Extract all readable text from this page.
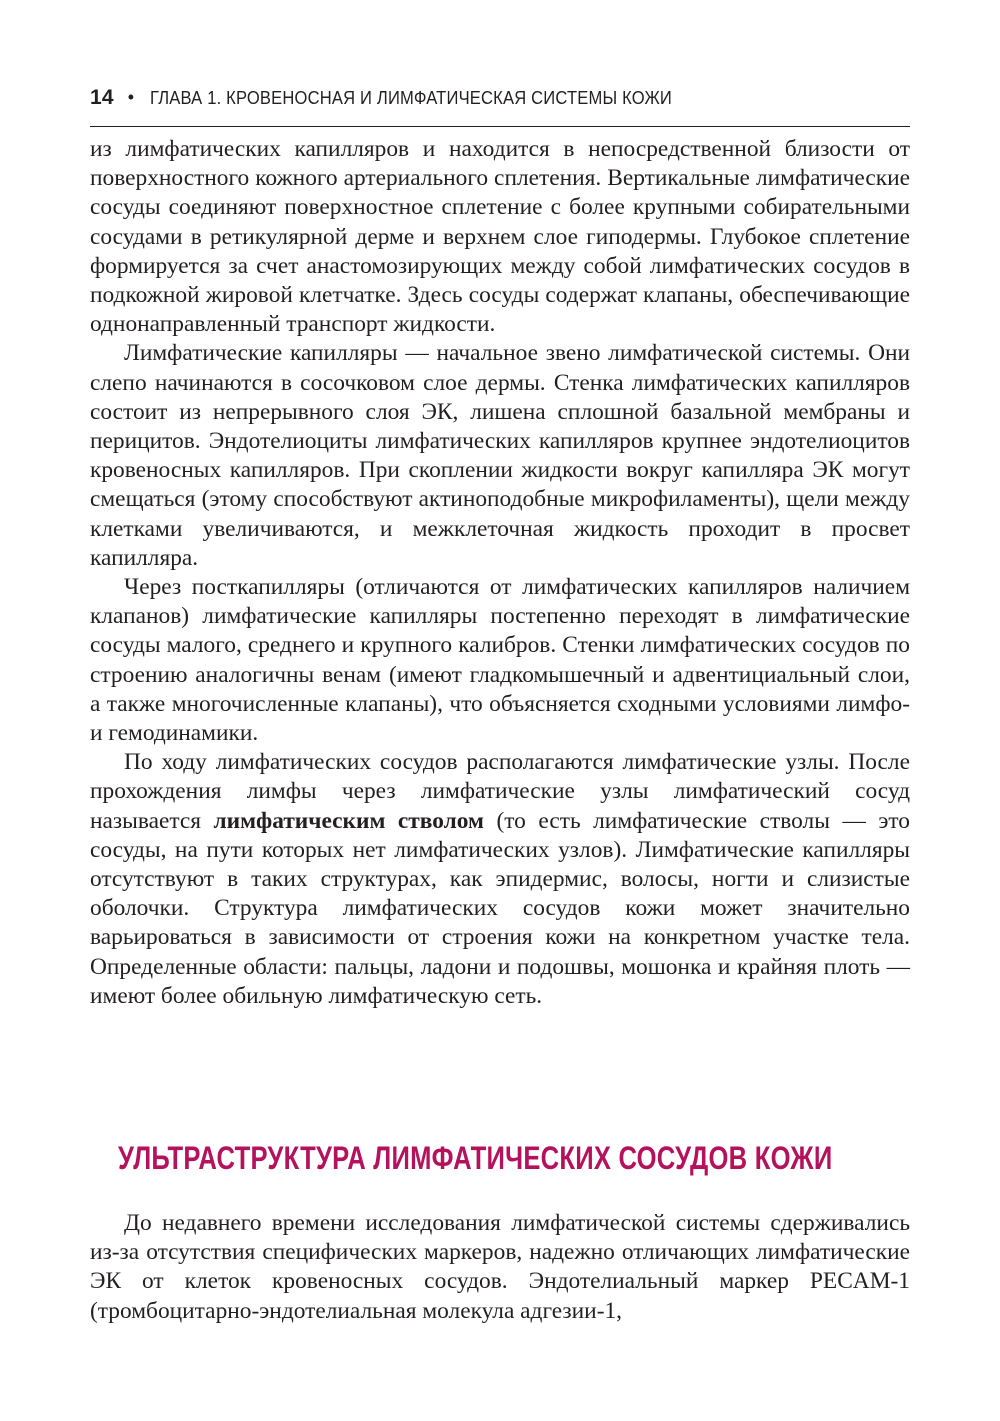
14 • ГЛАВА 1. КРОВЕНОСНАЯ И ЛИМФАТИЧЕСКАЯ СИСТЕМЫ КОЖИ

из лимфатических капилляров и находится в непосредственной близости от поверхностного кожного артериального сплетения. Вертикальные лимфатические сосуды соединяют поверхностное сплетение с более крупными собирательными сосудами в ретикулярной дерме и верхнем слое гиподермы. Глубокое сплетение формируется за счет анастомозирующих между собой лимфатических сосудов в подкожной жировой клетчатке. Здесь сосуды содержат клапаны, обеспечивающие однонаправленный транспорт жидкости.

Лимфатические капилляры — начальное звено лимфатической системы. Они слепо начинаются в сосочковом слое дермы. Стенка лимфатических капилляров состоит из непрерывного слоя ЭК, лишена сплошной базальной мембраны и перицитов. Эндотелиоциты лимфатических капилляров крупнее эндотелиоцитов кровеносных капилляров. При скоплении жидкости вокруг капилляра ЭК могут смещаться (этому способствуют актиноподобные микрофиламенты), щели между клетками увеличиваются, и межклеточная жидкость проходит в просвет капилляра.

Через посткапилляры (отличаются от лимфатических капилляров наличием клапанов) лимфатические капилляры постепенно переходят в лимфатические сосуды малого, среднего и крупного калибров. Стенки лимфатических сосудов по строению аналогичны венам (имеют гладкомышечный и адвентициальный слои, а также многочисленные клапаны), что объясняется сходными условиями лимфо- и гемодинамики.

По ходу лимфатических сосудов располагаются лимфатические узлы. После прохождения лимфы через лимфатические узлы лимфатический сосуд называется лимфатическим стволом (то есть лимфатические стволы — это сосуды, на пути которых нет лимфатических узлов). Лимфатические капилляры отсутствуют в таких структурах, как эпидермис, волосы, ногти и слизистые оболочки. Структура лимфатических сосудов кожи может значительно варьироваться в зависимости от строения кожи на конкретном участке тела. Определенные области: пальцы, ладони и подошвы, мошонка и крайняя плоть — имеют более обильную лимфатическую сеть.

УЛЬТРАСТРУКТУРА ЛИМФАТИЧЕСКИХ СОСУДОВ КОЖИ

До недавнего времени исследования лимфатической системы сдерживались из-за отсутствия специфических маркеров, надежно отличающих лимфатические ЭК от клеток кровеносных сосудов. Эндотелиальный маркер PECAM-1 (тромбоцитарно-эндотелиальная молекула адгезии-1,
